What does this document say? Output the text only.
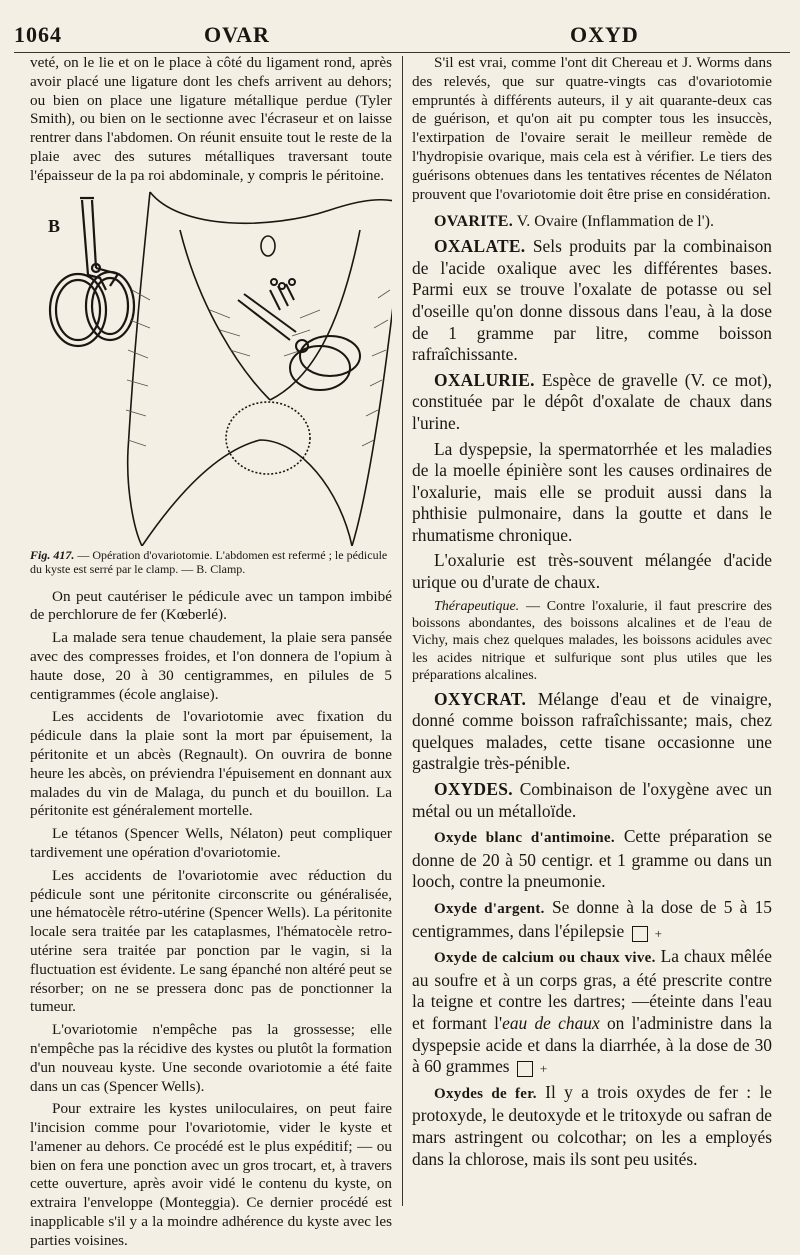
1064	OVAR	OXYD

veté, on le lie et on le place à côté du ligament rond, après avoir placé une ligature dont les chefs arrivent au dehors; ou bien on place une ligature métallique perdue (Tyler Smith), ou bien on le sectionne avec l'écraseur et on laisse rentrer dans l'abdomen. On réunit ensuite tout le reste de la plaie avec des sutures métalliques traversant toute l'épaisseur de la pa roi abdominale, y compris le péritoine.

B
Fig. 417. — Opération d'ovariotomie. L'abdomen est refermé ; le pédicule du kyste est serré par le clamp. — B. Clamp.

On peut cautériser le pédicule avec un tampon imbibé de perchlorure de fer (Kœberlé).

La malade sera tenue chaudement, la plaie sera pansée avec des compresses froides, et l'on donnera de l'opium à haute dose, 20 à 30 centigrammes, en pilules de 5 centigrammes (école anglaise).

Les accidents de l'ovariotomie avec fixation du pédicule dans la plaie sont la mort par épuisement, la péritonite et un abcès (Regnault). On ouvrira de bonne heure les abcès, on préviendra l'épuisement en donnant aux malades du vin de Malaga, du punch et du bouillon. La péritonite est généralement mortelle.

Le tétanos (Spencer Wells, Nélaton) peut compliquer tardivement une opération d'ovariotomie.

Les accidents de l'ovariotomie avec réduction du pédicule sont une péritonite circonscrite ou généralisée, une hématocèle rétro-utérine (Spencer Wells). La péritonite locale sera traitée par les cataplasmes, l'hématocèle retro-utérine sera traitée par ponction par le vagin, si la fluctuation est évidente. Le sang épanché non altéré peut se résorber; on ne se pressera donc pas de ponctionner la tumeur.

L'ovariotomie n'empêche pas la grossesse; elle n'empêche pas la récidive des kystes ou plutôt la formation d'un nouveau kyste. Une seconde ovariotomie a été faite dans un cas (Spencer Wells).

Pour extraire les kystes uniloculaires, on peut faire l'incision comme pour l'ovariotomie, vider le kyste et l'amener au dehors. Ce procédé est le plus expéditif; — ou bien on fera une ponction avec un gros trocart, et, à travers cette ouverture, après avoir vidé le contenu du kyste, on extraira l'enveloppe (Monteggia). Ce dernier procédé est inapplicable s'il y a la moindre adhérence du kyste avec les parties voisines.

S'il est vrai, comme l'ont dit Chereau et J. Worms dans des relevés, que sur quatre-vingts cas d'ovariotomie empruntés à différents auteurs, il y ait quarante-deux cas de guérison, et qu'on ait pu compter tous les insuccès, l'extirpation de l'ovaire serait le meilleur remède de l'hydropisie ovarique, mais cela est à vérifier. Le tiers des guérisons obtenues dans les tentatives récentes de Nélaton prouvent que l'ovariotomie doit être prise en considération.

OVARITE. V. Ovaire (Inflammation de l').

OXALATE. Sels produits par la combinaison de l'acide oxalique avec les différentes bases. Parmi eux se trouve l'oxalate de potasse ou sel d'oseille qu'on donne dissous dans l'eau, à la dose de 1 gramme par litre, comme boisson rafraîchissante.

OXALURIE. Espèce de gravelle (V. ce mot), constituée par le dépôt d'oxalate de chaux dans l'urine.

La dyspepsie, la spermatorrhée et les maladies de la moelle épinière sont les causes ordinaires de l'oxalurie, mais elle se produit aussi dans la phthisie pulmonaire, dans la goutte et dans le rhumatisme chronique.

L'oxalurie est très-souvent mélangée d'acide urique ou d'urate de chaux.

Thérapeutique. — Contre l'oxalurie, il faut prescrire des boissons abondantes, des boissons alcalines et de l'eau de Vichy, mais chez quelques malades, les boissons acidules avec les acides nitrique et sulfurique sont plus utiles que les préparations alcalines.

OXYCRAT. Mélange d'eau et de vinaigre, donné comme boisson rafraîchissante; mais, chez quelques malades, cette tisane occasionne une gastralgie très-pénible.

OXYDES. Combinaison de l'oxygène avec un métal ou un métalloïde.

Oxyde blanc d'antimoine. Cette préparation se donne de 20 à 50 centigr. et 1 gramme ou dans un looch, contre la pneumonie.

Oxyde d'argent. Se donne à la dose de 5 à 15 centigrammes, dans l'épilepsie +

Oxyde de calcium ou chaux vive. La chaux mêlée au soufre et à un corps gras, a été prescrite contre la teigne et contre les dartres; —éteinte dans l'eau et formant l'eau de chaux on l'administre dans la dyspepsie acide et dans la diarrhée, à la dose de 30 à 60 grammes +

Oxydes de fer. Il y a trois oxydes de fer : le protoxyde, le deutoxyde et le tritoxyde ou safran de mars astringent ou colcothar; on les a employés dans la chlorose, mais ils sont peu usités.
